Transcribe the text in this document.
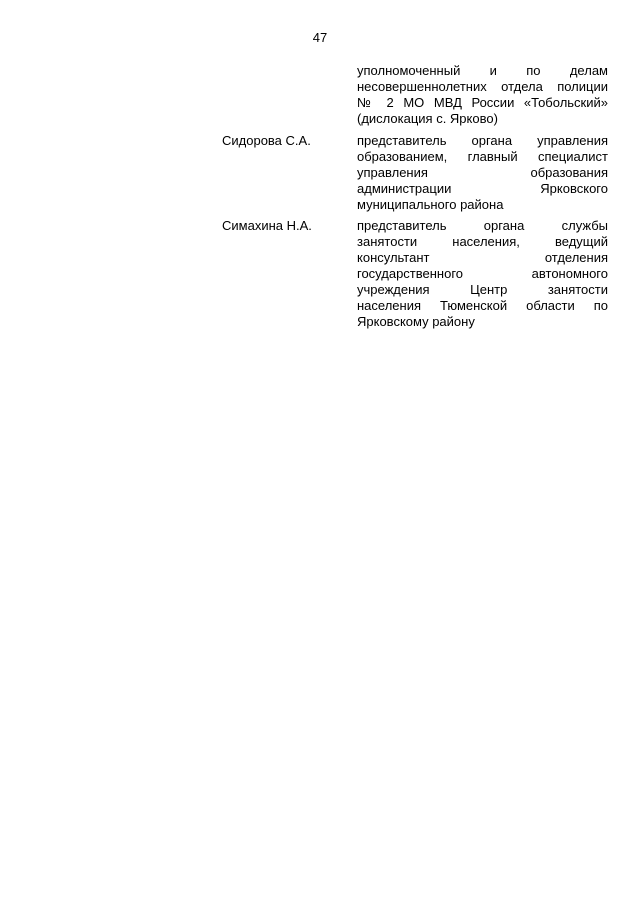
47
уполномоченный и по делам
несовершеннолетних отдела полиции
№ 2 МО МВД России «Тобольский»
(дислокация с. Ярково)
Сидорова С.А.	представитель органа управления
образованием, главный специалист
управления образования
администрации Ярковского
муниципального района
Симахина Н.А.	представитель органа службы
занятости населения, ведущий
консультант отделения
государственного автономного
учреждения Центр занятости
населения Тюменской области по
Ярковскому району
